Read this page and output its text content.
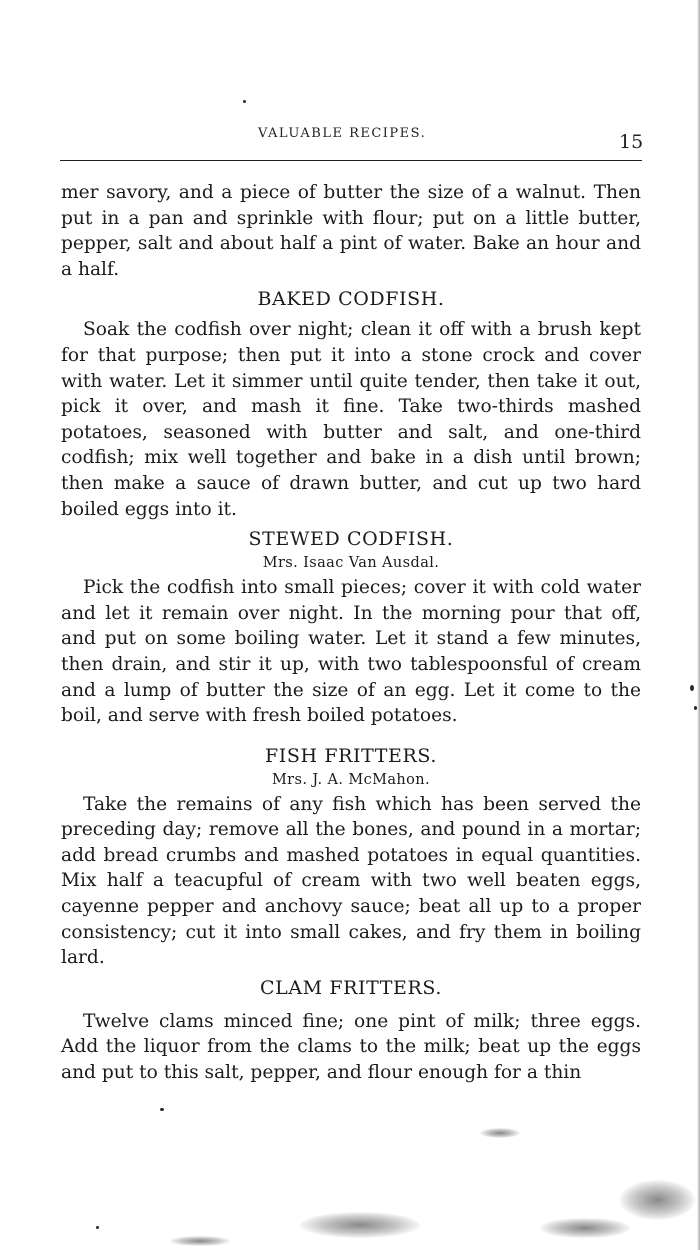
VALUABLE RECIPES.	15

mer savory, and a piece of butter the size of a walnut. Then put in a pan and sprinkle with flour; put on a little butter, pepper, salt and about half a pint of water. Bake an hour and a half.

BAKED CODFISH.

Soak the codfish over night; clean it off with a brush kept for that purpose; then put it into a stone crock and cover with water. Let it simmer until quite tender, then take it out, pick it over, and mash it fine. Take two-thirds mashed potatoes, seasoned with butter and salt, and one-third codfish; mix well together and bake in a dish until brown; then make a sauce of drawn butter, and cut up two hard boiled eggs into it.

STEWED CODFISH.
Mrs. Isaac Van Ausdal.

Pick the codfish into small pieces; cover it with cold water and let it remain over night. In the morning pour that off, and put on some boiling water. Let it stand a few minutes, then drain, and stir it up, with two tablespoonsful of cream and a lump of butter the size of an egg. Let it come to the boil, and serve with fresh boiled potatoes.

FISH FRITTERS.
Mrs. J. A. McMahon.

Take the remains of any fish which has been served the preceding day; remove all the bones, and pound in a mortar; add bread crumbs and mashed potatoes in equal quantities. Mix half a teacupful of cream with two well beaten eggs, cayenne pepper and anchovy sauce; beat all up to a proper consistency; cut it into small cakes, and fry them in boiling lard.

CLAM FRITTERS.

Twelve clams minced fine; one pint of milk; three eggs. Add the liquor from the clams to the milk; beat up the eggs and put to this salt, pepper, and flour enough for a thin
